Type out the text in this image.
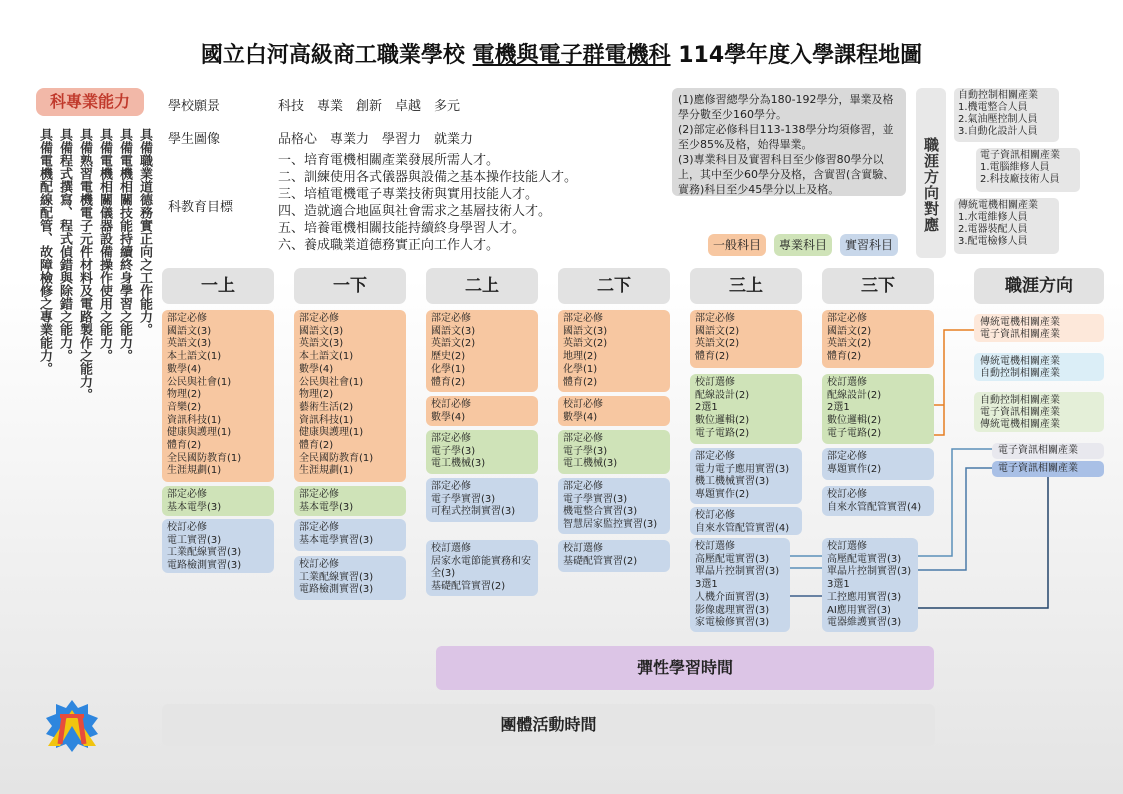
國立白河高級商工職業學校 電機與電子群電機科 114學年度入學課程地圖
科專業能力
具備職業道德務實正向之工作能力。
具備電機相關技能持續終身學習之能力。
具備電機相關儀器設備操作使用之能力。
具備熟習電機電子元件材料及電路製作之能力。
具備程式撰寫、程式偵錯與除錯之能力。
具備電機配線配管、故障檢修之專業能力。
學校願景	科技　專業　創新　卓越　多元
學生圖像	品格心　專業力　學習力　就業力
科教育目標
一、培育電機相關產業發展所需人才。
二、訓練使用各式儀器與設備之基本操作技能人才。
三、培植電機電子專業技術與實用技能人才。
四、造就適合地區與社會需求之基層技術人才。
五、培養電機相關技能持續終身學習人才。
六、養成職業道德務實正向工作人才。
(1)應修習總學分為180-192學分，畢業及格學分數至少160學分。
(2)部定必修科目113-138學分均須修習，並至少85%及格，始得畢業。
(3)專業科目及實習科目至少修習80學分以上，其中至少60學分及格，含實習(含實驗、實務)科目至少45學分以上及格。
一般科目	專業科目	實習科目
職涯方向對應
自動控制相關產業
1.機電整合人員
2.氣油壓控制人員
3.自動化設計人員
電子資訊相關產業
1.電腦維修人員
2.科技廠技術人員
傳統電機相關產業
1.水電維修人員
2.電器裝配人員
3.配電檢修人員
一上	一下	二上	二下	三上	三下	職涯方向
部定必修
國語文(3)
英語文(3)
本土語文(1)
數學(4)
公民與社會(1)
物理(2)
音樂(2)
資訊科技(1)
健康與護理(1)
體育(2)
全民國防教育(1)
生涯規劃(1)
部定必修
基本電學(3)
校訂必修
電工實習(3)
工業配線實習(3)
電路檢測實習(3)
部定必修
國語文(3)
英語文(3)
本土語文(1)
數學(4)
公民與社會(1)
物理(2)
藝術生活(2)
資訊科技(1)
健康與護理(1)
體育(2)
全民國防教育(1)
生涯規劃(1)
部定必修
基本電學(3)
部定必修
基本電學實習(3)
校訂必修
工業配線實習(3)
電路檢測實習(3)
部定必修
國語文(3)
英語文(2)
歷史(2)
化學(1)
體育(2)
校訂必修
數學(4)
部定必修
電子學(3)
電工機械(3)
部定必修
電子學實習(3)
可程式控制實習(3)
校訂選修
居家水電節能實務和安
全(3)
基礎配管實習(2)
部定必修
國語文(3)
英語文(2)
地理(2)
化學(1)
體育(2)
校訂必修
數學(4)
部定必修
電子學(3)
電工機械(3)
部定必修
電子學實習(3)
機電整合實習(3)
智慧居家監控實習(3)
校訂選修
基礎配管實習(2)
部定必修
國語文(2)
英語文(2)
體育(2)
校訂選修
配線設計(2)
2選1
數位邏輯(2)
電子電路(2)
部定必修
電力電子應用實習(3)
機工機械實習(3)
專題實作(2)
校訂必修
自來水管配管實習(4)
校訂選修
高壓配電實習(3)
單晶片控制實習(3)
3選1
人機介面實習(3)
影像處理實習(3)
家電檢修實習(3)
部定必修
國語文(2)
英語文(2)
體育(2)
校訂選修
配線設計(2)
2選1
數位邏輯(2)
電子電路(2)
部定必修
專題實作(2)
校訂必修
自來水管配管實習(4)
校訂選修
高壓配電實習(3)
單晶片控制實習(3)
3選1
工控應用實習(3)
AI應用實習(3)
電器維護實習(3)
傳統電機相關產業
電子資訊相關產業
傳統電機相關產業
自動控制相關產業
自動控制相關產業
電子資訊相關產業
傳統電機相關產業
電子資訊相關產業
電子資訊相關產業
彈性學習時間
團體活動時間
